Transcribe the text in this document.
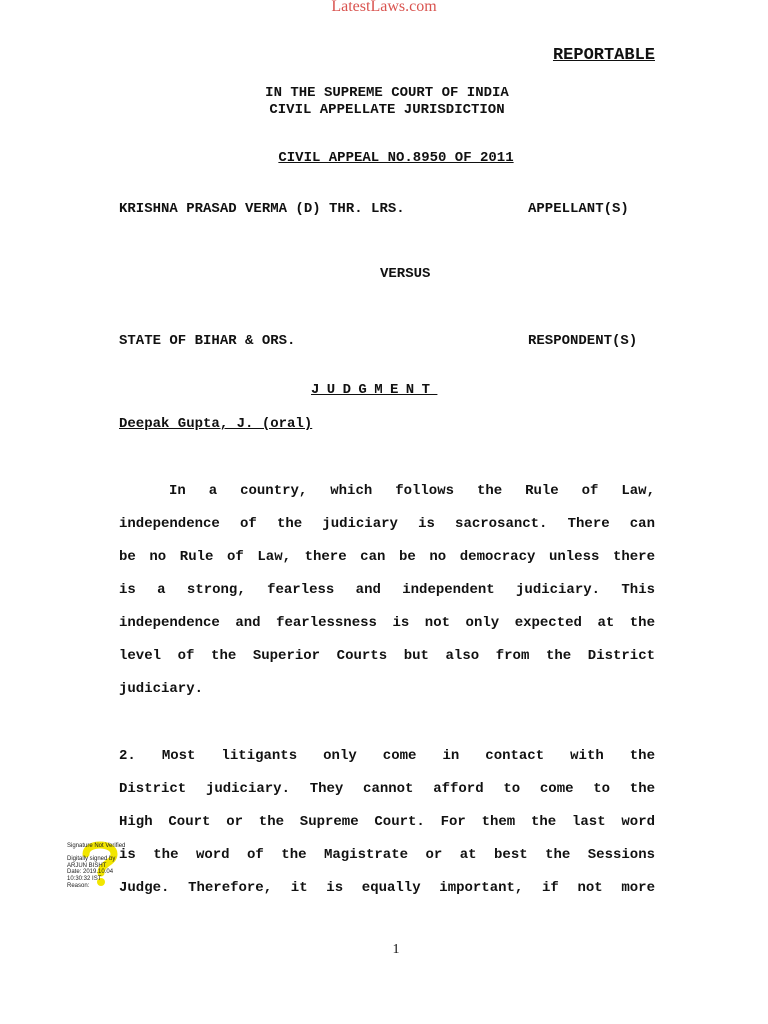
LatestLaws.com
REPORTABLE
IN THE SUPREME COURT OF INDIA
CIVIL APPELLATE JURISDICTION
CIVIL APPEAL NO.8950 OF 2011
KRISHNA PRASAD VERMA (D) THR. LRS.	APPELLANT(S)
VERSUS
STATE OF BIHAR & ORS.	RESPONDENT(S)
JUDGMENT
Deepak Gupta, J. (oral)
In a country, which follows the Rule of Law,
independence of the judiciary is sacrosanct. There can
be no Rule of Law, there can be no democracy unless there
is a strong, fearless and independent judiciary. This
independence and fearlessness is not only expected at the
level of the Superior Courts but also from the District
judiciary.
2. Most litigants only come in contact with the
District judiciary. They cannot afford to come to the
High Court or the Supreme Court. For them the last word
is the word of the Magistrate or at best the Sessions
Judge. Therefore, it is equally important, if not more
Signature Not Verified
Digitally signed by
ARJUN BISHT
Date: 2019.10.04
10:30:32 IST
Reason:
1
